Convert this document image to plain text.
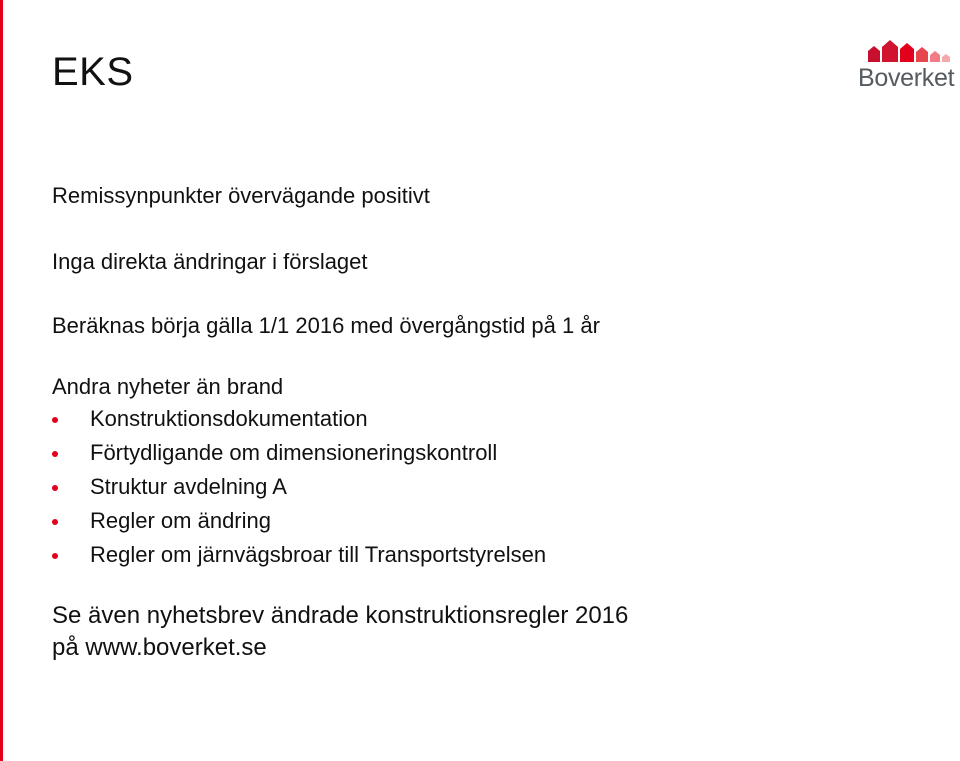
EKS	Boverket
Remissynpunkter övervägande positivt
Inga direkta ändringar i förslaget
Beräknas börja gälla 1/1 2016 med övergångstid på 1 år
Andra nyheter än brand
Konstruktionsdokumentation
Förtydligande om dimensioneringskontroll
Struktur avdelning A
Regler om ändring
Regler om järnvägsbroar till Transportstyrelsen
Se även nyhetsbrev ändrade konstruktionsregler 2016
på www.boverket.se
